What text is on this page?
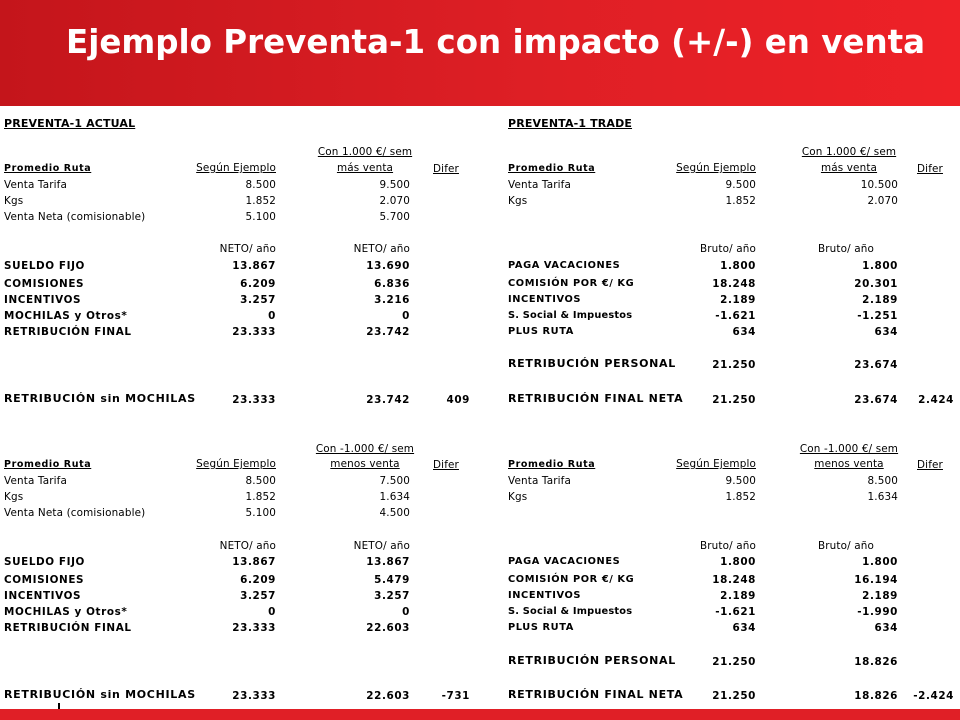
Ejemplo Preventa-1 con impacto (+/-) en venta
PREVENTA-1 ACTUAL
Con 1.000 €/ sem
Promedio Ruta	Según Ejemplo	más venta	Difer
Venta Tarifa	8.500	9.500
Kgs	1.852	2.070
Venta Neta (comisionable)	5.100	5.700
NETO/ año	NETO/ año
SUELDO FIJO	13.867	13.690
COMISIONES	6.209	6.836
INCENTIVOS	3.257	3.216
MOCHILAS y Otros*	0	0
RETRIBUCIÓN FINAL	23.333	23.742
RETRIBUCIÓN sin MOCHILAS	23.333	23.742	409
Con -1.000 €/ sem
Promedio Ruta	Según Ejemplo	menos venta	Difer
Venta Tarifa	8.500	7.500
Kgs	1.852	1.634
Venta Neta (comisionable)	5.100	4.500
NETO/ año	NETO/ año
SUELDO FIJO	13.867	13.867
COMISIONES	6.209	5.479
INCENTIVOS	3.257	3.257
MOCHILAS y Otros*	0	0
RETRIBUCIÓN FINAL	23.333	22.603
RETRIBUCIÓN sin MOCHILAS	23.333	22.603	-731
PREVENTA-1 TRADE
Con 1.000 €/ sem
Promedio Ruta	Según Ejemplo	más venta	Difer
Venta Tarifa	9.500	10.500
Kgs	1.852	2.070
Bruto/ año	Bruto/ año
PAGA VACACIONES	1.800	1.800
COMISIÓN POR €/ KG	18.248	20.301
INCENTIVOS	2.189	2.189
S. Social & Impuestos	-1.621	-1.251
PLUS RUTA	634	634
RETRIBUCIÓN PERSONAL	21.250	23.674
RETRIBUCIÓN FINAL NETA	21.250	23.674	2.424
Con -1.000 €/ sem
Promedio Ruta	Según Ejemplo	menos venta	Difer
Venta Tarifa	9.500	8.500
Kgs	1.852	1.634
Bruto/ año	Bruto/ año
PAGA VACACIONES	1.800	1.800
COMISIÓN POR €/ KG	18.248	16.194
INCENTIVOS	2.189	2.189
S. Social & Impuestos	-1.621	-1.990
PLUS RUTA	634	634
RETRIBUCIÓN PERSONAL	21.250	18.826
RETRIBUCIÓN FINAL NETA	21.250	18.826	-2.424
